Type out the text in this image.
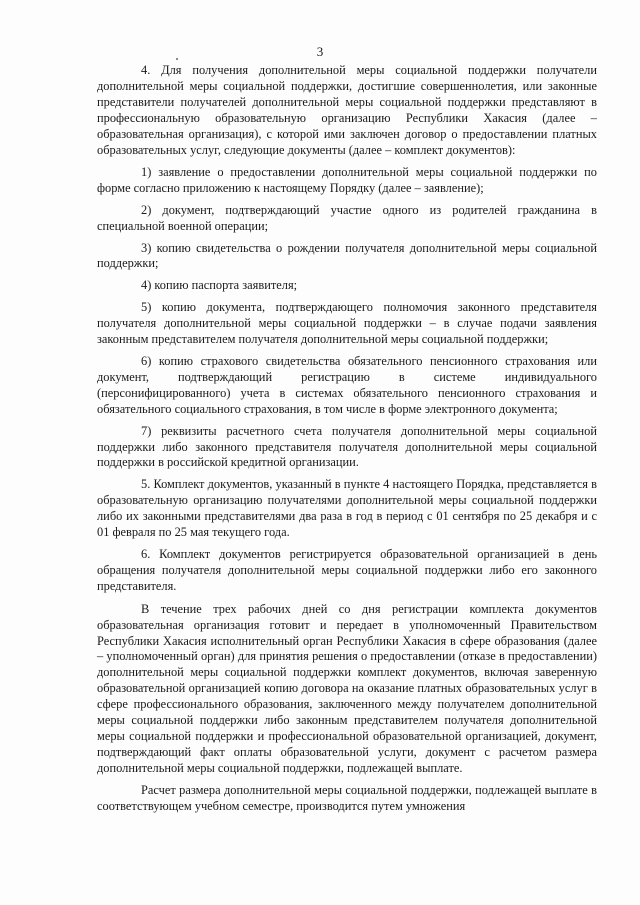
3

4. Для получения дополнительной меры социальной поддержки получатели дополнительной меры социальной поддержки, достигшие совершеннолетия, или законные представители получателей дополнительной меры социальной поддержки представляют в профессиональную образовательную организацию Республики Хакасия (далее – образовательная организация), с которой ими заключен договор о предоставлении платных образовательных услуг, следующие документы (далее – комплект документов):

1) заявление о предоставлении дополнительной меры социальной поддержки по форме согласно приложению к настоящему Порядку (далее – заявление);

2) документ, подтверждающий участие одного из родителей гражданина в специальной военной операции;

3) копию свидетельства о рождении получателя дополнительной меры социальной поддержки;

4) копию паспорта заявителя;

5) копию документа, подтверждающего полномочия законного представителя получателя дополнительной меры социальной поддержки – в случае подачи заявления законным представителем получателя дополнительной меры социальной поддержки;

6) копию страхового свидетельства обязательного пенсионного страхования или документ, подтверждающий регистрацию в системе индивидуального (персонифицированного) учета в системах обязательного пенсионного страхования и обязательного социального страхования, в том числе в форме электронного документа;

7) реквизиты расчетного счета получателя дополнительной меры социальной поддержки либо законного представителя получателя дополнительной меры социальной поддержки в российской кредитной организации.

5. Комплект документов, указанный в пункте 4 настоящего Порядка, представляется в образовательную организацию получателями дополнительной меры социальной поддержки либо их законными представителями два раза в год в период с 01 сентября по 25 декабря и с 01 февраля по 25 мая текущего года.

6. Комплект документов регистрируется образовательной организацией в день обращения получателя дополнительной меры социальной поддержки либо его законного представителя.

В течение трех рабочих дней со дня регистрации комплекта документов образовательная организация готовит и передает в уполномоченный Правительством Республики Хакасия исполнительный орган Республики Хакасия в сфере образования (далее – уполномоченный орган) для принятия решения о предоставлении (отказе в предоставлении) дополнительной меры социальной поддержки комплект документов, включая заверенную образовательной организацией копию договора на оказание платных образовательных услуг в сфере профессионального образования, заключенного между получателем дополнительной меры социальной поддержки либо законным представителем получателя дополнительной меры социальной поддержки и профессиональной образовательной организацией, документ, подтверждающий факт оплаты образовательной услуги, документ с расчетом размера дополнительной меры социальной поддержки, подлежащей выплате.

Расчет размера дополнительной меры социальной поддержки, подлежащей выплате в соответствующем учебном семестре, производится путем умножения
